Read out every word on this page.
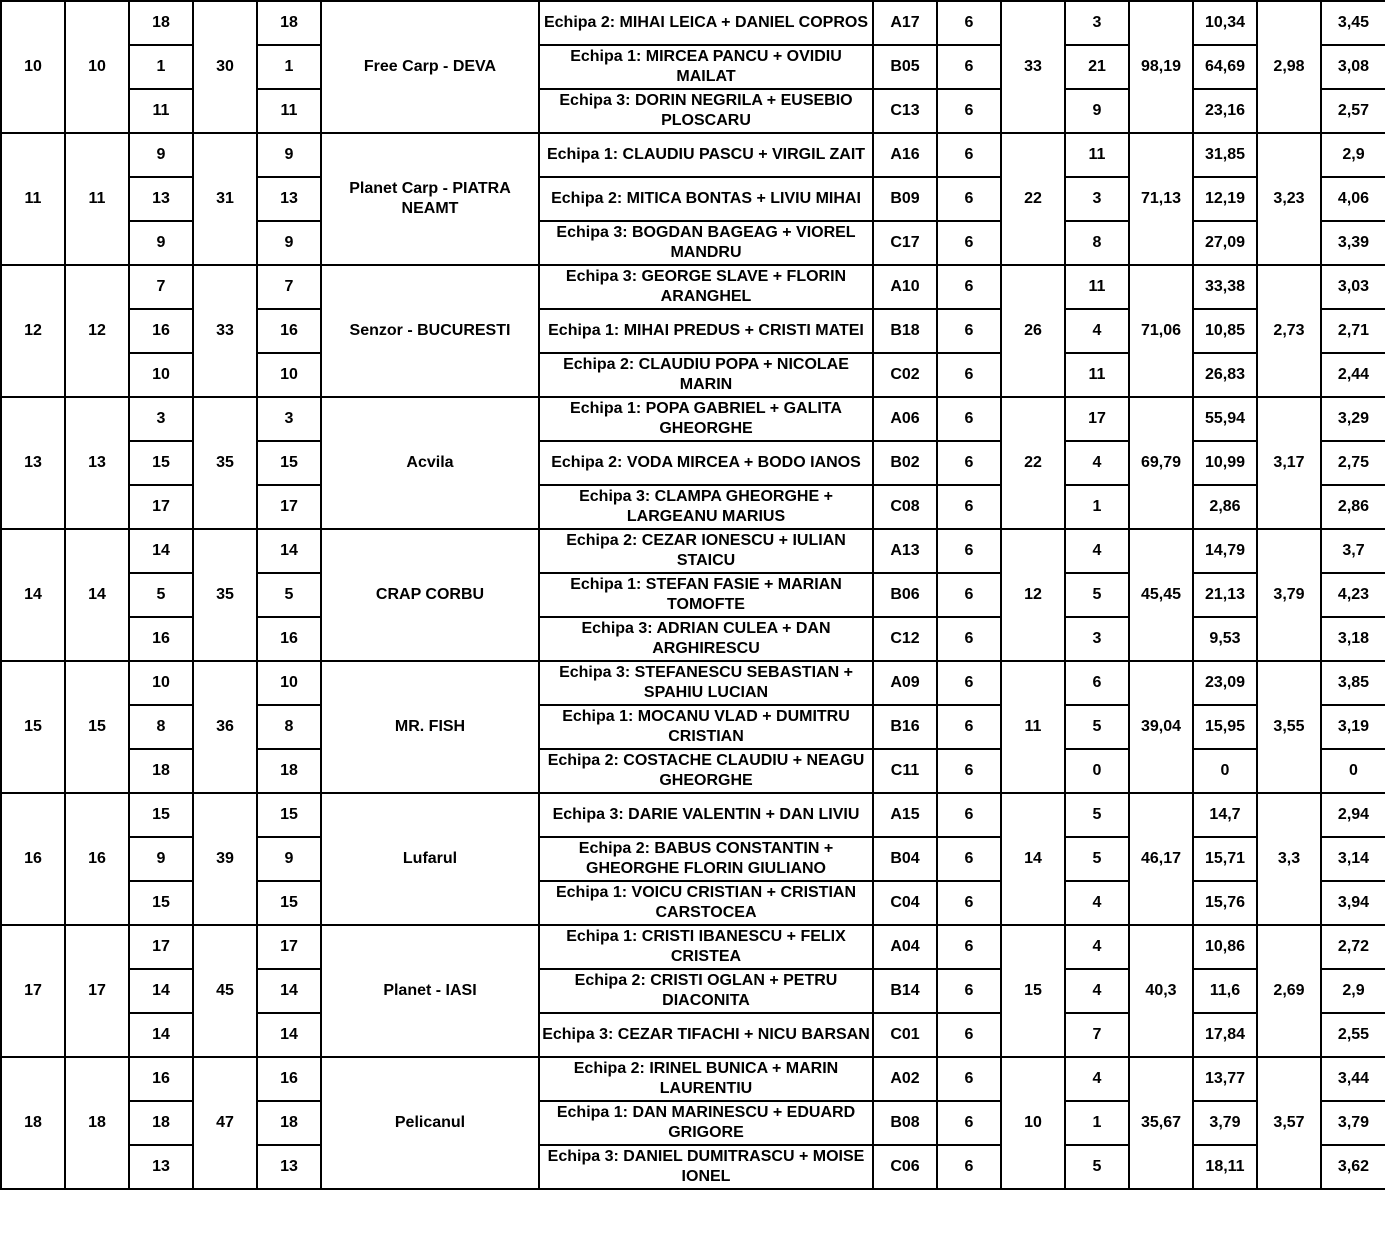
10	10	18	30	18	Free Carp - DEVA	Echipa 2: MIHAI LEICA + DANIEL COPROS	A17	6	33	3	98,19	10,34	2,98	3,45
		1		1		Echipa 1: MIRCEA PANCU + OVIDIU MAILAT	B05	6		21		64,69		3,08
		11		11		Echipa 3: DORIN NEGRILA + EUSEBIO PLOSCARU	C13	6		9		23,16		2,57
11	11	9	31	9	Planet Carp - PIATRA NEAMT	Echipa 1: CLAUDIU PASCU + VIRGIL ZAIT	A16	6	22	11	71,13	31,85	3,23	2,9
		13		13		Echipa 2: MITICA BONTAS + LIVIU MIHAI	B09	6		3		12,19		4,06
		9		9		Echipa 3: BOGDAN BAGEAG + VIOREL MANDRU	C17	6		8		27,09		3,39
12	12	7	33	7	Senzor - BUCURESTI	Echipa 3: GEORGE SLAVE + FLORIN ARANGHEL	A10	6	26	11	71,06	33,38	2,73	3,03
		16		16		Echipa 1: MIHAI PREDUS + CRISTI MATEI	B18	6		4		10,85		2,71
		10		10		Echipa 2: CLAUDIU POPA + NICOLAE MARIN	C02	6		11		26,83		2,44
13	13	3	35	3	Acvila	Echipa 1: POPA GABRIEL + GALITA GHEORGHE	A06	6	22	17	69,79	55,94	3,17	3,29
		15		15		Echipa 2: VODA MIRCEA + BODO IANOS	B02	6		4		10,99		2,75
		17		17		Echipa 3: CLAMPA GHEORGHE + LARGEANU MARIUS	C08	6		1		2,86		2,86
14	14	14	35	14	CRAP CORBU	Echipa 2: CEZAR IONESCU + IULIAN STAICU	A13	6	12	4	45,45	14,79	3,79	3,7
		5		5		Echipa 1: STEFAN FASIE + MARIAN TOMOFTE	B06	6		5		21,13		4,23
		16		16		Echipa 3: ADRIAN CULEA + DAN ARGHIRESCU	C12	6		3		9,53		3,18
15	15	10	36	10	MR. FISH	Echipa 3: STEFANESCU SEBASTIAN + SPAHIU LUCIAN	A09	6	11	6	39,04	23,09	3,55	3,85
		8		8		Echipa 1: MOCANU VLAD + DUMITRU CRISTIAN	B16	6		5		15,95		3,19
		18		18		Echipa 2: COSTACHE CLAUDIU + NEAGU GHEORGHE	C11	6		0		0		0
16	16	15	39	15	Lufarul	Echipa 3: DARIE VALENTIN + DAN LIVIU	A15	6	14	5	46,17	14,7	3,3	2,94
		9		9		Echipa 2: BABUS CONSTANTIN + GHEORGHE FLORIN GIULIANO	B04	6		5		15,71		3,14
		15		15		Echipa 1: VOICU CRISTIAN + CRISTIAN CARSTOCEA	C04	6		4		15,76		3,94
17	17	17	45	17	Planet - IASI	Echipa 1: CRISTI IBANESCU + FELIX CRISTEA	A04	6	15	4	40,3	10,86	2,69	2,72
		14		14		Echipa 2: CRISTI OGLAN + PETRU DIACONITA	B14	6		4		11,6		2,9
		14		14		Echipa 3: CEZAR TIFACHI + NICU BARSAN	C01	6		7		17,84		2,55
18	18	16	47	16	Pelicanul	Echipa 2: IRINEL BUNICA + MARIN LAURENTIU	A02	6	10	4	35,67	13,77	3,57	3,44
		18		18		Echipa 1: DAN MARINESCU + EDUARD GRIGORE	B08	6		1		3,79		3,79
		13		13		Echipa 3: DANIEL DUMITRASCU + MOISE IONEL	C06	6		5		18,11		3,62
